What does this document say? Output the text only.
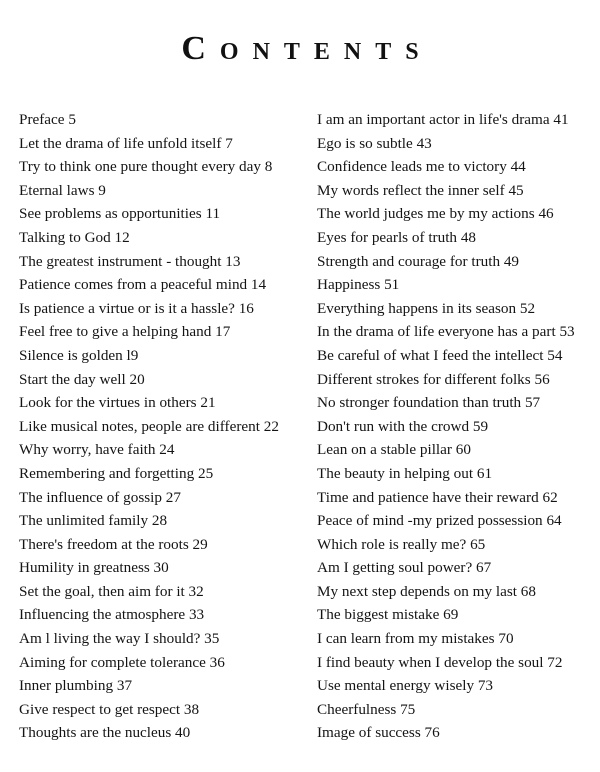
Contents
Preface 5
Let the drama of life unfold itself 7
Try to think one pure thought every day 8
Eternal laws 9
See problems as opportunities 11
Talking to God 12
The greatest instrument - thought 13
Patience comes from a peaceful mind 14
Is patience a virtue or is it a hassle? 16
Feel free to give a helping hand 17
Silence is golden l9
Start the day well 20
Look for the virtues in others 21
Like musical notes, people are different 22
Why worry, have faith 24
Remembering and forgetting 25
The influence of gossip 27
The unlimited family 28
There's freedom at the roots 29
Humility in greatness 30
Set the goal, then aim for it 32
Influencing the atmosphere 33
Am l living the way I should? 35
Aiming for complete tolerance 36
Inner plumbing 37
Give respect to get respect 38
Thoughts are the nucleus 40
I am an important actor in life's drama 41
Ego is so subtle 43
Confidence leads me to victory 44
My words reflect the inner self 45
The world judges me by my actions 46
Eyes for pearls of truth 48
Strength and courage for truth 49
Happiness 51
Everything happens in its season 52
In the drama of life everyone has a part 53
Be careful of what I feed the intellect 54
Different strokes for different folks 56
No stronger foundation than truth 57
Don't run with the crowd 59
Lean on a stable pillar 60
The beauty in helping out 61
Time and patience have their reward 62
Peace of mind -my prized possession 64
Which role is really me? 65
Am I getting soul power? 67
My next step depends on my last 68
The biggest mistake 69
I can learn from my mistakes 70
I find beauty when I develop the soul 72
Use mental energy wisely 73
Cheerfulness 75
Image of success 76
